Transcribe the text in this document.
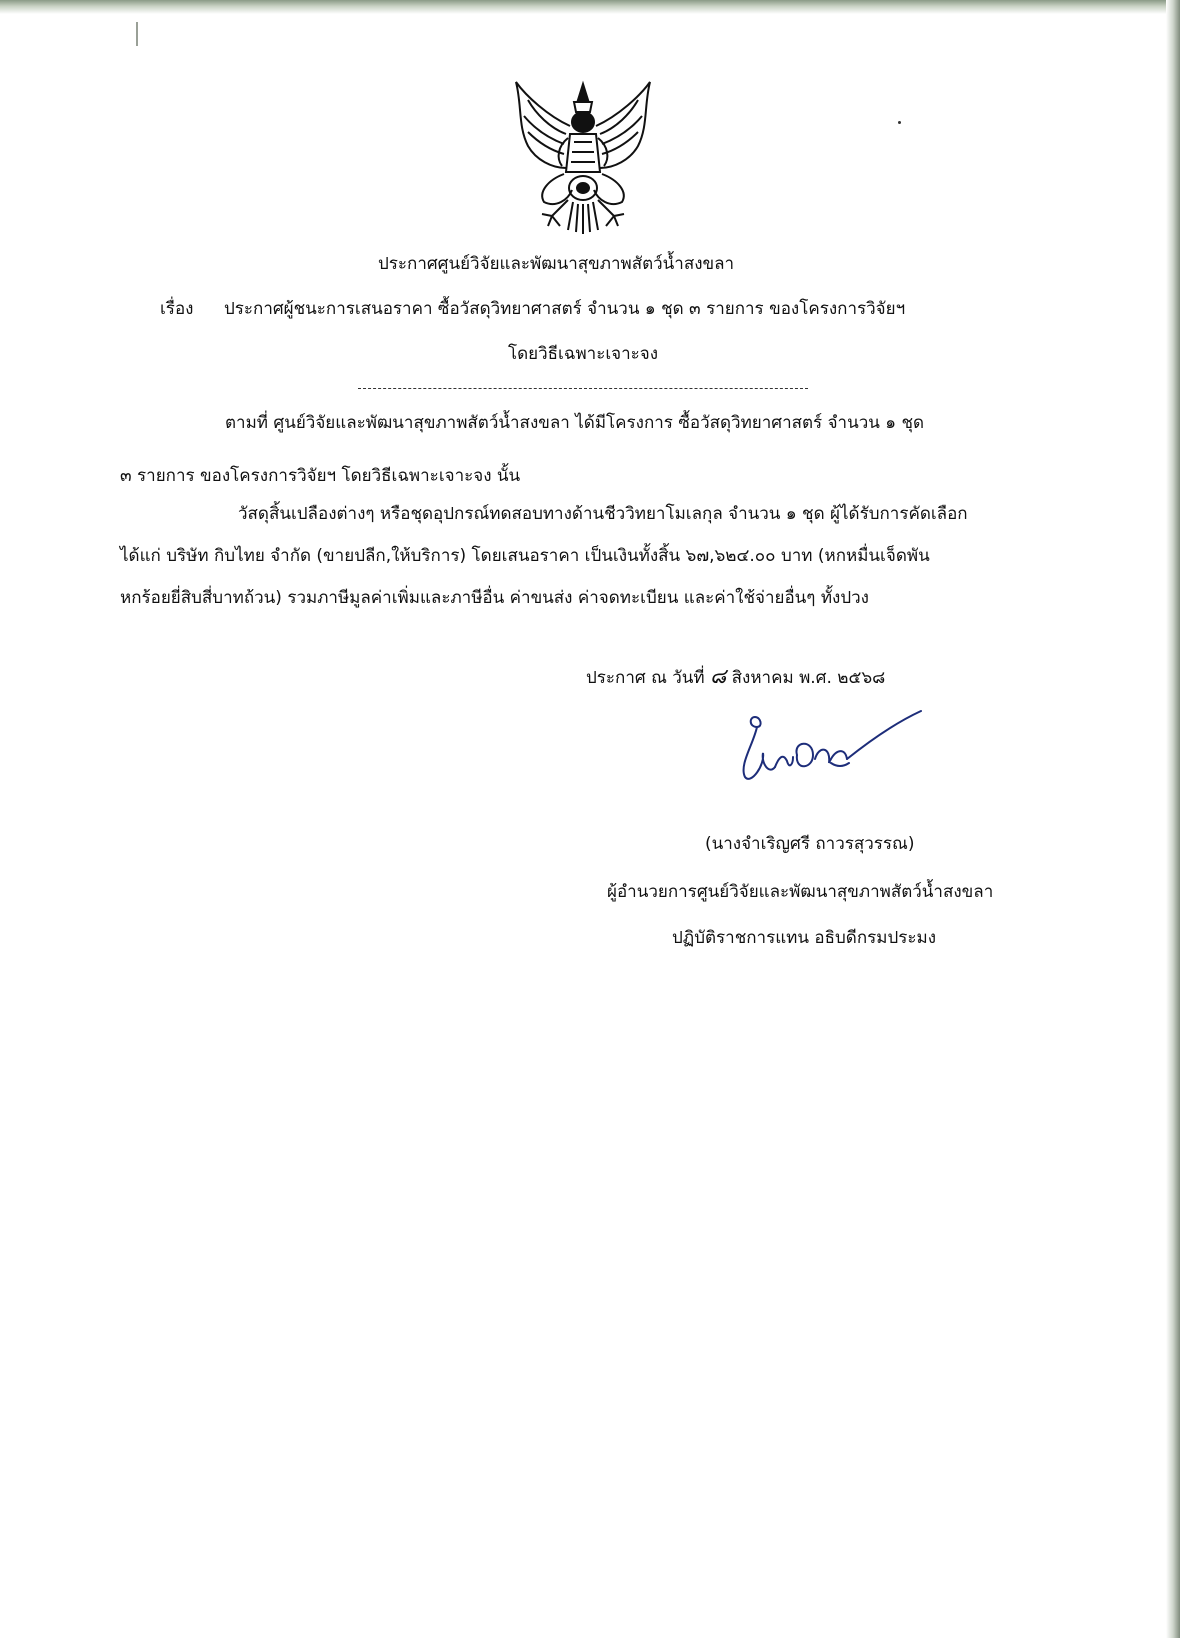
ประกาศศูนย์วิจัยและพัฒนาสุขภาพสัตว์น้ำสงขลา
เรื่อง ประกาศผู้ชนะการเสนอราคา ซื้อวัสดุวิทยาศาสตร์ จำนวน ๑ ชุด ๓ รายการ ของโครงการวิจัยฯ
โดยวิธีเฉพาะเจาะจง
ตามที่ ศูนย์วิจัยและพัฒนาสุขภาพสัตว์น้ำสงขลา ได้มีโครงการ ซื้อวัสดุวิทยาศาสตร์ จำนวน ๑ ชุด
๓ รายการ ของโครงการวิจัยฯ โดยวิธีเฉพาะเจาะจง นั้น
วัสดุสิ้นเปลืองต่างๆ หรือชุดอุปกรณ์ทดสอบทางด้านชีววิทยาโมเลกุล จำนวน ๑ ชุด ผู้ได้รับการคัดเลือก
ได้แก่ บริษัท กิบไทย จำกัด (ขายปลีก,ให้บริการ) โดยเสนอราคา เป็นเงินทั้งสิ้น ๖๗,๖๒๔.๐๐ บาท (หกหมื่นเจ็ดพัน
หกร้อยยี่สิบสี่บาทถ้วน) รวมภาษีมูลค่าเพิ่มและภาษีอื่น ค่าขนส่ง ค่าจดทะเบียน และค่าใช้จ่ายอื่นๆ ทั้งปวง
ประกาศ ณ วันที่ ๘ สิงหาคม พ.ศ. ๒๕๖๘
(นางจำเริญศรี ถาวรสุวรรณ)
ผู้อำนวยการศูนย์วิจัยและพัฒนาสุขภาพสัตว์น้ำสงขลา
ปฏิบัติราชการแทน อธิบดีกรมประมง
